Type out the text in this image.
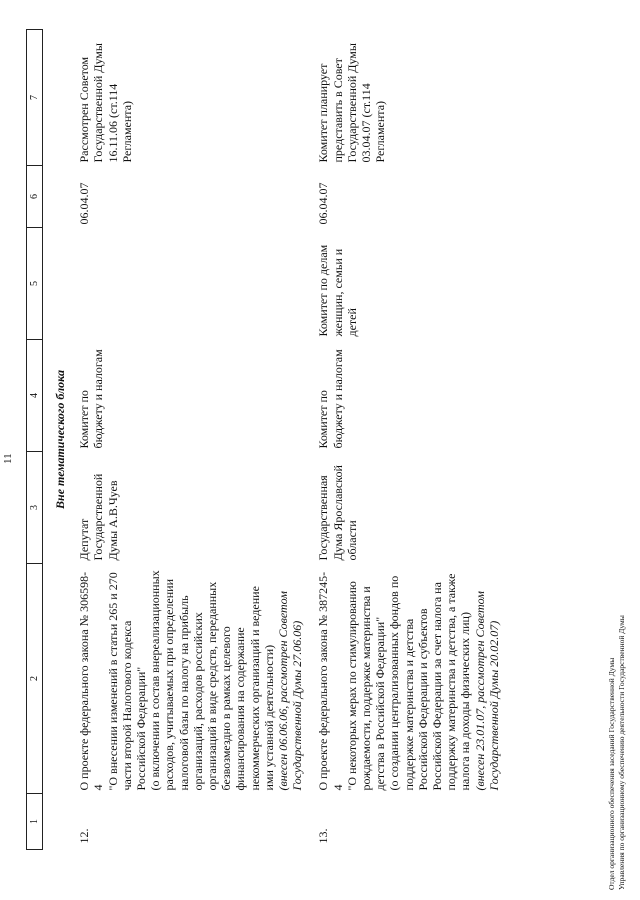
11
1	2	3	4	5	6	7
Вне тематического блока						
12.	О проекте федерального закона № 306598-4
"О внесении изменений в статьи 265 и 270 части второй Налогового кодекса Российской Федерации"
(о включении в состав внереализационных расходов, учитываемых при определении налоговой базы по налогу на прибыль организаций, расходов российских организаций в виде средств, переданных безвозмездно в рамках целевого финансирования на содержание некоммерческих организаций и ведение ими уставной деятельности)
(внесен 06.06.06, рассмотрен Советом Государственной Думы 27.06.06)	Депутат Государственной Думы А.В.Чуев	Комитет по бюджету и налогам		06.04.07	Рассмотрен Советом Государственной Думы 16.11.06 (ст.114 Регламента)

13.	О проекте федерального закона № 387245-4
"О некоторых мерах по стимулированию рождаемости, поддержке материнства и детства в Российской Федерации"
(о создании централизованных фондов по поддержке материнства и детства Российской Федерации и субъектов Российской Федерации за счет налога на поддержку материнства и детства, а также налога на доходы физических лиц)
(внесен 23.01.07, рассмотрен Советом Государственной Думы 20.02.07)	Государственная Дума Ярославской области	Комитет по бюджету и налогам	Комитет по делам женщин, семьи и детей	06.04.07	Комитет планирует представить в Совет Государственной Думы 03.04.07 (ст.114 Регламента)
Отдел организационного обеспечения заседаний Государственной Думы Управления по организационному обеспечению деятельности Государственной Думы
